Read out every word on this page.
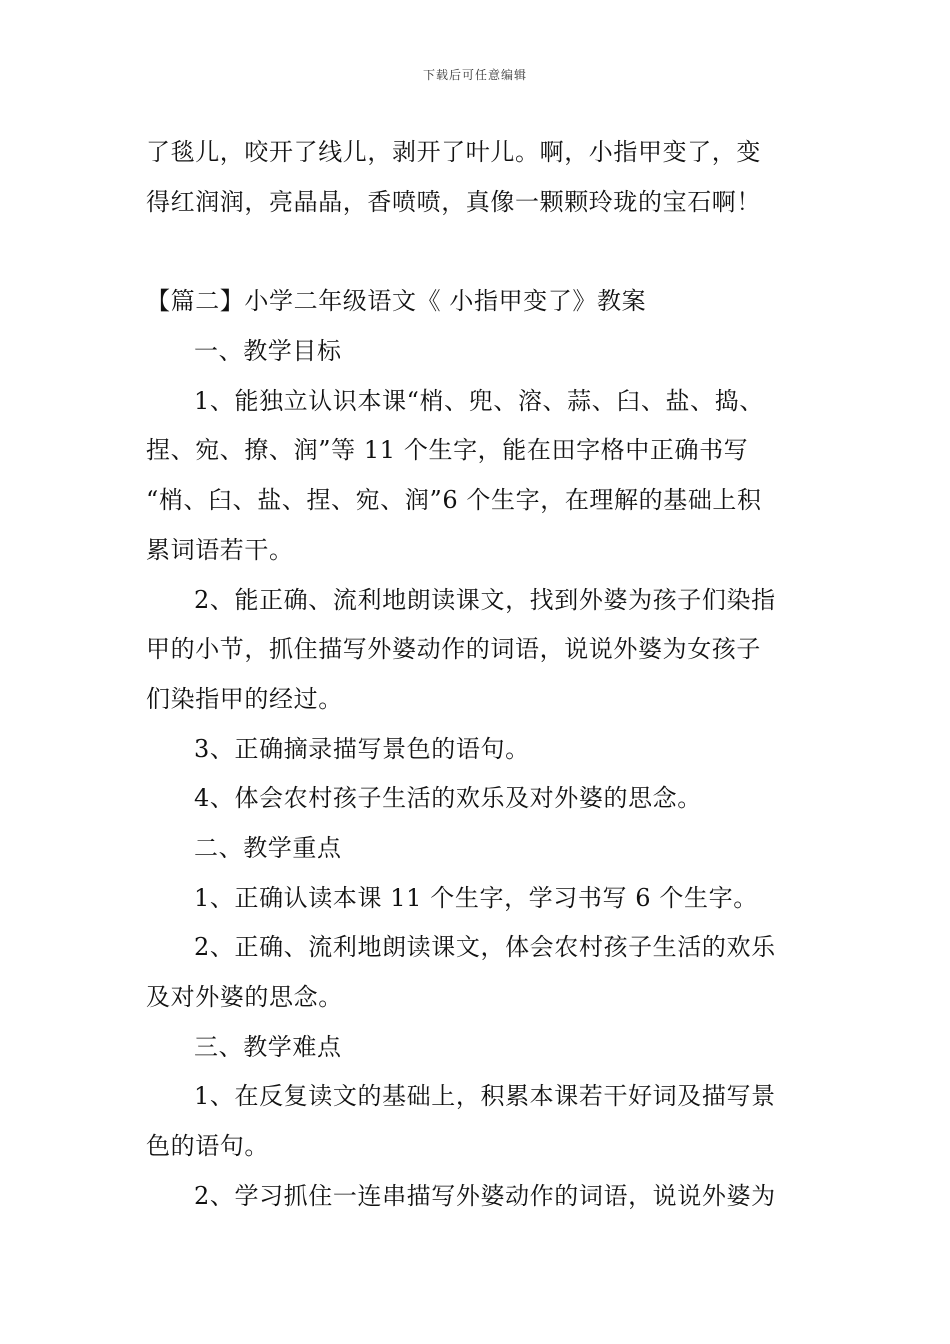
下载后可任意编辑
了毯儿，咬开了线儿，剥开了叶儿。啊，小指甲变了，变
得红润润，亮晶晶，香喷喷，真像一颗颗玲珑的宝石啊！
【篇二】小学二年级语文《 小指甲变了》教案
一、教学目标
1、能独立认识本课“梢、兜、溶、蒜、臼、盐、捣、
捏、宛、撩、润”等 11 个生字，能在田字格中正确书写
“梢、臼、盐、捏、宛、润”6 个生字，在理解的基础上积
累词语若干。
2、能正确、流利地朗读课文，找到外婆为孩子们染指
甲的小节，抓住描写外婆动作的词语，说说外婆为女孩子
们染指甲的经过。
3、正确摘录描写景色的语句。
4、体会农村孩子生活的欢乐及对外婆的思念。
二、教学重点
1、正确认读本课 11 个生字，学习书写 6 个生字。
2、正确、流利地朗读课文，体会农村孩子生活的欢乐
及对外婆的思念。
三、教学难点
1、在反复读文的基础上，积累本课若干好词及描写景
色的语句。
2、学习抓住一连串描写外婆动作的词语，说说外婆为
